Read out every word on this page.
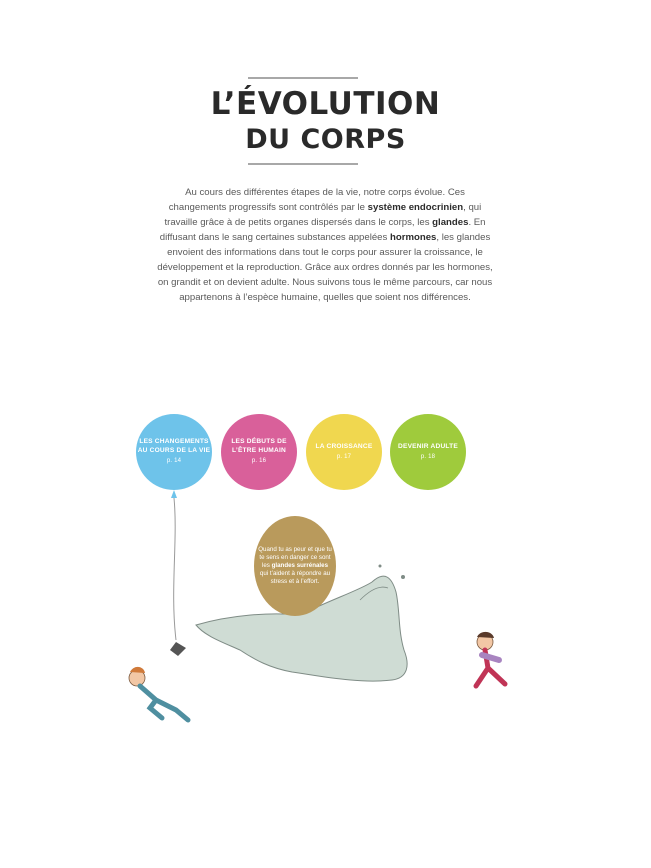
L’ÉVOLUTION
DU CORPS
Au cours des différentes étapes de la vie, notre corps évolue. Ces changements progressifs sont contrôlés par le système endocrinien, qui travaille grâce à de petits organes dispersés dans le corps, les glandes. En diffusant dans le sang certaines substances appelées hormones, les glandes envoient des informations dans tout le corps pour assurer la croissance, le développement et la reproduction. Grâce aux ordres donnés par les hormones, on grandit et on devient adulte. Nous suivons tous le même parcours, car nous appartenons à l’espèce humaine, quelles que soient nos différences.
LES CHANGEMENTS AU COURS DE LA VIE
p. 14
LES DÉBUTS DE L’ÊTRE HUMAIN
p. 16
LA CROISSANCE
p. 17
DEVENIR ADULTE
p. 18
Quand tu as peur et que tu te sens en danger ce sont les glandes surrénales qui t’aident à répondre au stress et à l’effort.
